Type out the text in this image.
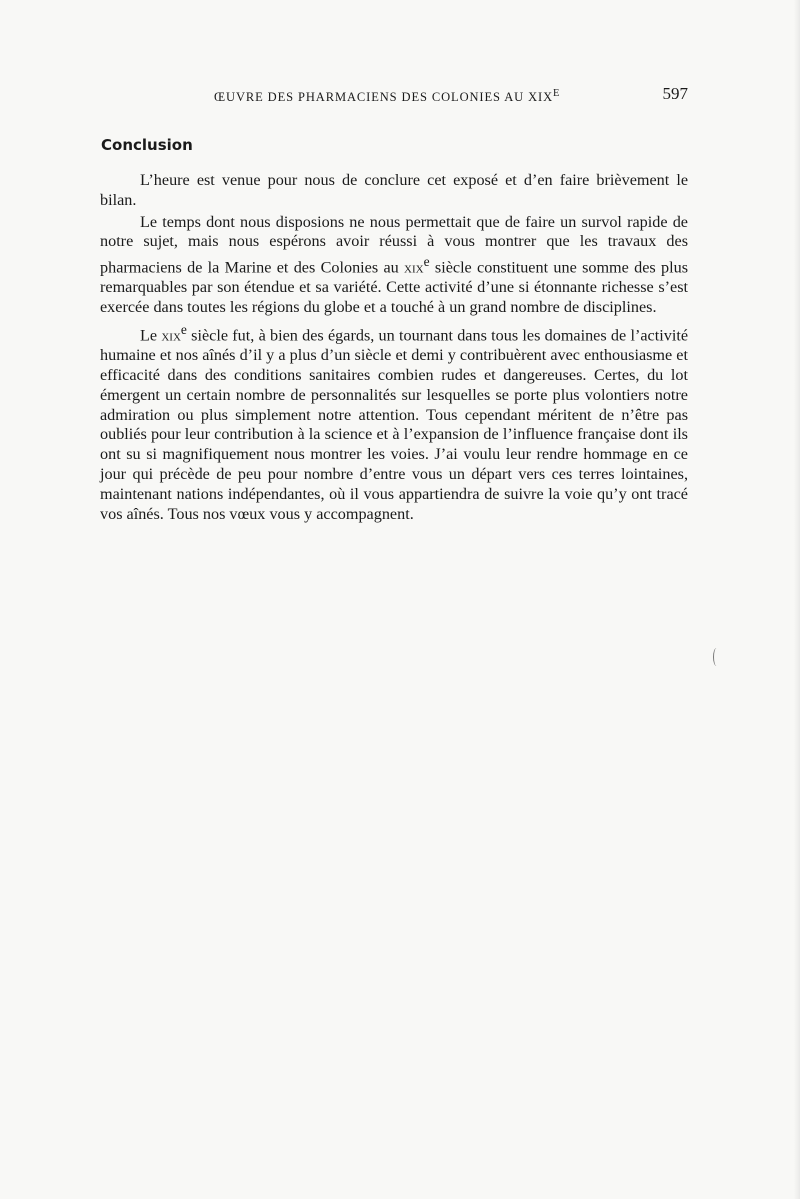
ŒUVRE DES PHARMACIENS DES COLONIES AU $XIX^E$	597
Conclusion

L’heure est venue pour nous de conclure cet exposé et d’en faire brièvement le bilan.

Le temps dont nous disposions ne nous permettait que de faire un survol rapide de notre sujet, mais nous espérons avoir réussi à vous montrer que les travaux des pharmaciens de la Marine et des Colonies au xix$^e$ siècle constituent une somme des plus remarquables par son étendue et sa variété. Cette activité d’une si étonnante richesse s’est exercée dans toutes les régions du globe et a touché à un grand nombre de disciplines.

Le xix$^e$ siècle fut, à bien des égards, un tournant dans tous les domaines de l’activité humaine et nos aînés d’il y a plus d’un siècle et demi y contribuèrent avec enthousiasme et efficacité dans des conditions sanitaires combien rudes et dangereuses. Certes, du lot émergent un certain nombre de personnalités sur lesquelles se porte plus volontiers notre admiration ou plus simplement notre attention. Tous cependant méritent de n’être pas oubliés pour leur contribution à la science et à l’expansion de l’influence française dont ils ont su si magnifiquement nous montrer les voies. J’ai voulu leur rendre hommage en ce jour qui précède de peu pour nombre d’entre vous un départ vers ces terres lointaines, maintenant nations indépendantes, où il vous appartiendra de suivre la voie qu’y ont tracé vos aînés. Tous nos vœux vous y accompagnent.
